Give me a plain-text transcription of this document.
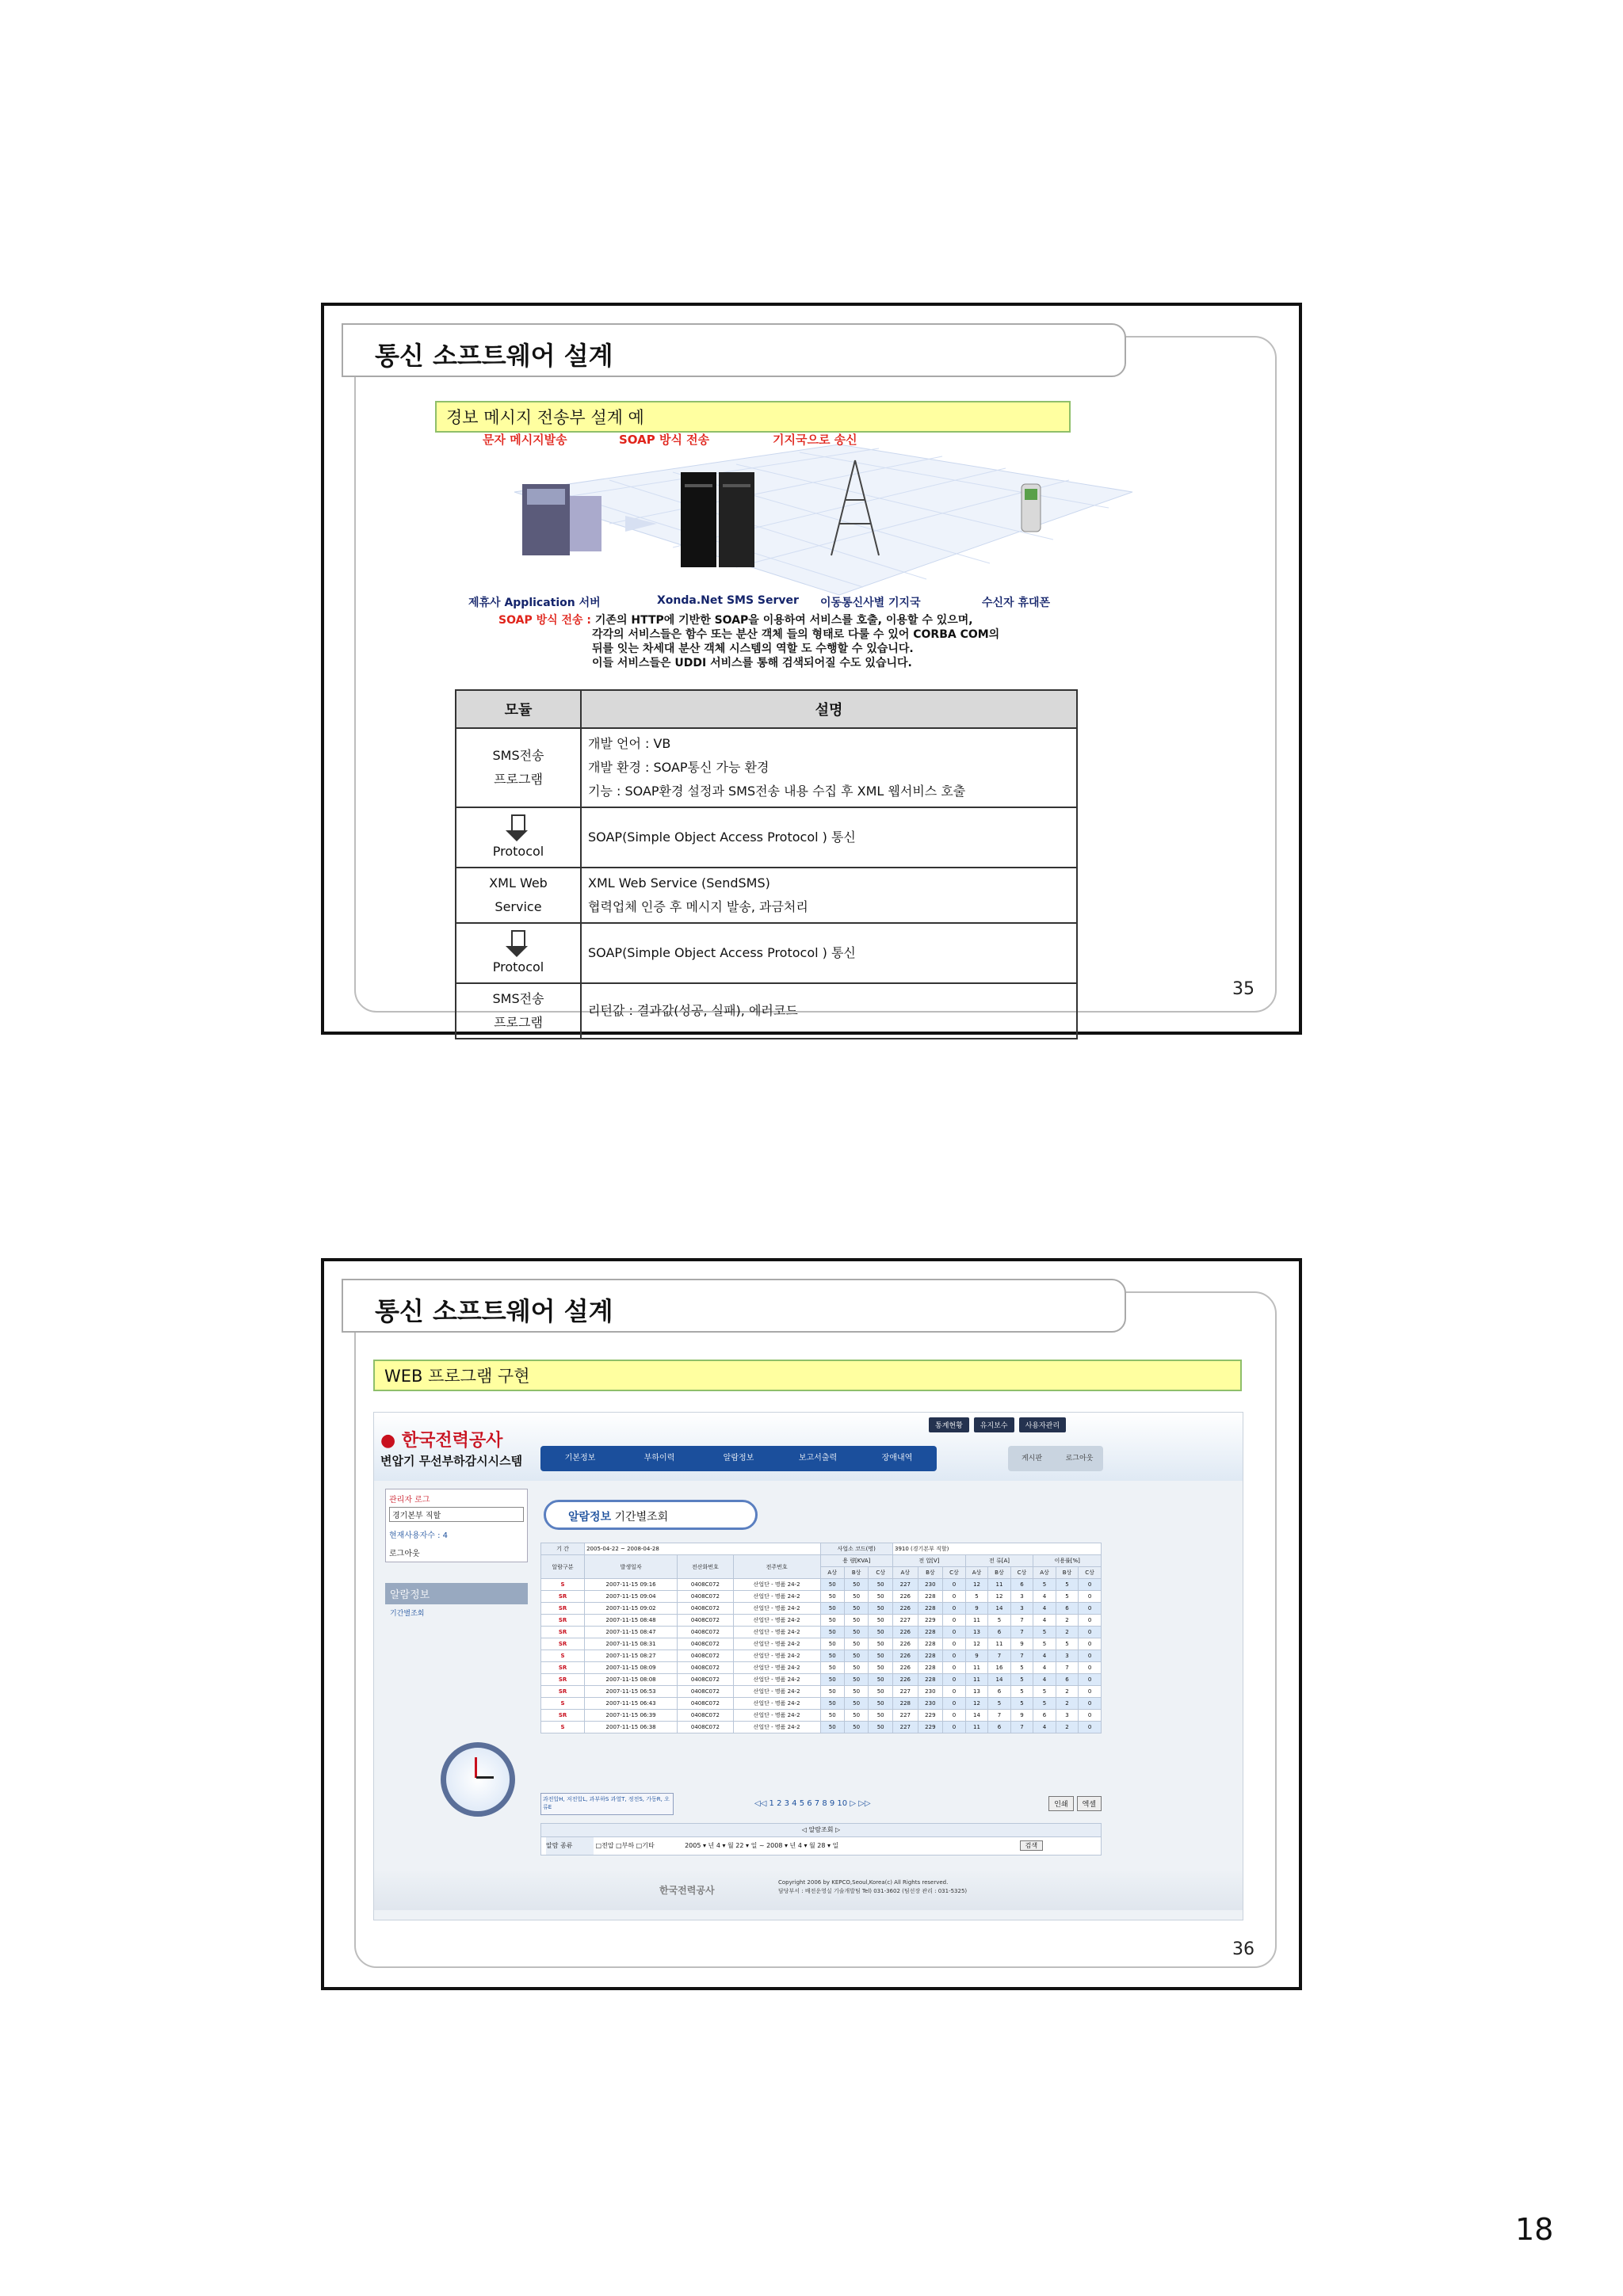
통신 소프트웨어 설계
경보 메시지 전송부 설계 예
문자 메시지발송	SOAP 방식 전송	기지국으로 송신
제휴사 Application 서버	Xonda.Net SMS Server 이동통신사별 기지국	수신자 휴대폰
SOAP 방식 전송 : 기존의 HTTP에 기반한 SOAP을 이용하여 서비스를 호출, 이용할 수 있으며,
각각의 서비스들은 함수 또는 분산 객체 들의 형태로 다룰 수 있어 CORBA COM의
뒤를 잇는 차세대 분산 객체 시스템의 역할 도 수행할 수 있습니다.
이들 서비스들은 UDDI 서비스를 통해 검색되어질 수도 있습니다.
모듈	설명
SMS전송
프로그램	개발 언어 : VB
개발 환경 : SOAP통신 가능 환경
기능 : SOAP환경 설정과 SMS전송 내용 수집 후 XML 웹서비스 호출

Protocol	SOAP(Simple Object Access Protocol ) 통신
XML Web
Service	XML Web Service (SendSMS)
협력업체 인증 후 메시지 발송, 과금처리

Protocol	SOAP(Simple Object Access Protocol ) 통신
SMS전송
프로그램	리턴값 : 결과값(성공, 실패), 에러코드
35
통신 소프트웨어 설계
WEB 프로그램 구현
● 한국전력공사
변압기 무선부하감시시스템
통계현황	유지보수	사용자관리
기본정보	부하이력	알람정보	보고서출력	장애내역	게시판	로그아웃
관리자 로그
경기본부 직할
현재사용자수 : 4
로그아웃
알람정보
기간별조회
알람정보 기간별조회
기 간	2005-04-22 ~ 2008-04-28			사업소 코드(명)			3910 (경기본부 직할)								
알람구분	발생일자	전산화번호	전주번호	용 량[KVA]			전 압[V]			전 류[A]			이용률[%]		
				A상	B상	C상	A상	B상	C상	A상	B상	C상	A상	B상	C상
S	2007-11-15 09:16	0408C072	산업단 - 명품 24-2	50	50	50	227	230	0	12	11	6	5	5	0
SR	2007-11-15 09:04	0408C072	산업단 - 명품 24-2	50	50	50	226	228	0	5	12	3	4	5	0
SR	2007-11-15 09:02	0408C072	산업단 - 명품 24-2	50	50	50	226	228	0	9	14	3	4	6	0
SR	2007-11-15 08:48	0408C072	산업단 - 명품 24-2	50	50	50	227	229	0	11	5	7	4	2	0
SR	2007-11-15 08:47	0408C072	산업단 - 명품 24-2	50	50	50	226	228	0	13	6	7	5	2	0
SR	2007-11-15 08:31	0408C072	산업단 - 명품 24-2	50	50	50	226	228	0	12	11	9	5	5	0
S	2007-11-15 08:27	0408C072	산업단 - 명품 24-2	50	50	50	226	228	0	9	7	7	4	3	0
SR	2007-11-15 08:09	0408C072	산업단 - 명품 24-2	50	50	50	226	228	0	11	16	5	4	7	0
SR	2007-11-15 08:08	0408C072	산업단 - 명품 24-2	50	50	50	226	228	0	11	14	5	4	6	0
SR	2007-11-15 06:53	0408C072	산업단 - 명품 24-2	50	50	50	227	230	0	13	6	5	5	2	0
S	2007-11-15 06:43	0408C072	산업단 - 명품 24-2	50	50	50	228	230	0	12	5	5	5	2	0
SR	2007-11-15 06:39	0408C072	산업단 - 명품 24-2	50	50	50	227	229	0	14	7	9	6	3	0
S	2007-11-15 06:38	0408C072	산업단 - 명품 24-2	50	50	50	227	229	0	11	6	7	4	2	0
과전압H, 저전압L, 과부하S 과열T, 정전S, 가동R, 오류E	◁◁ 1 2 3 4 5 6 7 8 9 10 ▷ ▷▷	인쇄	엑셀
◁ 알람조회 ▷
알람 종류	□전압 □부하 □기타	2005 ▾ 년 4 ▾ 월 22 ▾ 일 ~ 2008 ▾ 년 4 ▾ 월 28 ▾ 일	검색
한국전력공사
Copyright 2006 by KEPCO,Seoul,Korea(c) All Rights reserved.
담당부서 : 배전운영실 기술개발팀 Tel) 031-3602 (팀선장 관리 : 031-5325)
36
18
